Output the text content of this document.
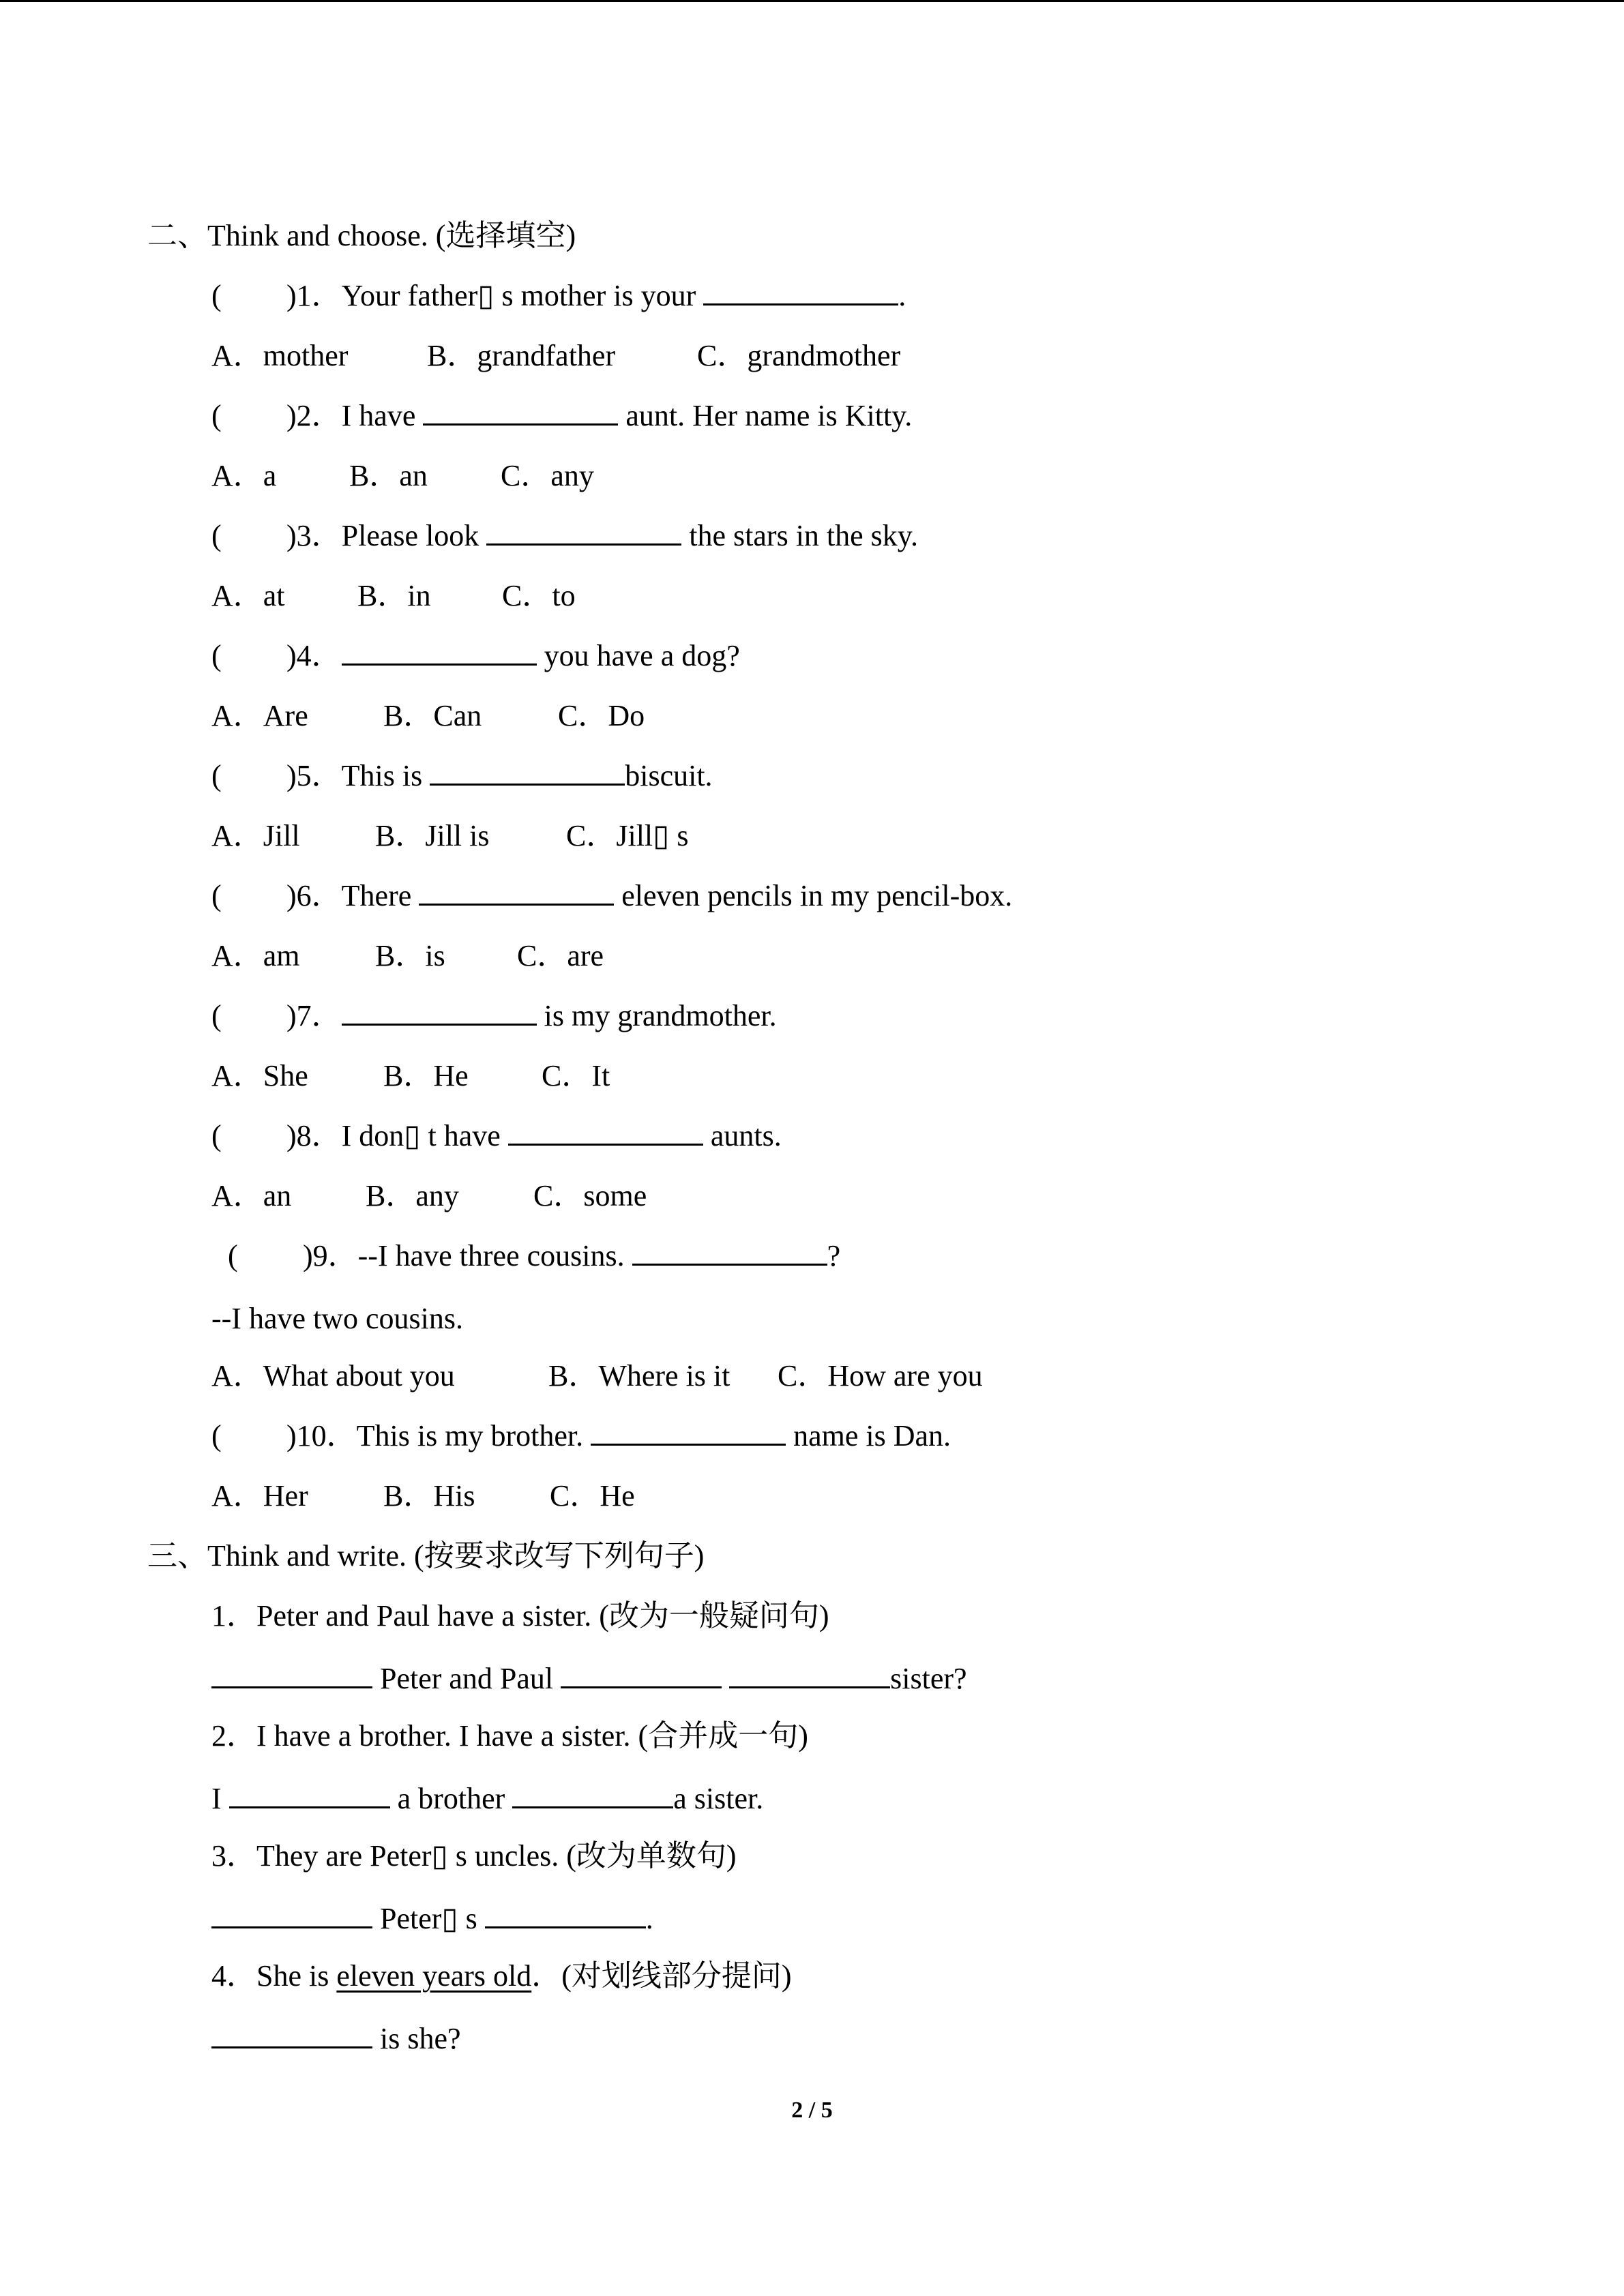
二、Think and choose. (选择填空)
( )1．Your father▯ s mother is your	.
A．mother	B．grandfather	C．grandmother
( )2．I have	aunt. Her name is Kitty.
A．a B．an C．any
( )3．Please look	the stars in the sky.
A．at B．in C．to
( )4．	you have a dog?
A．Are	B．Can	C．Do
( )5．This is	biscuit.
A．Jill	B．Jill is	C．Jill▯ s
( )6．There	eleven pencils in my pencil-box.
A．am	B．is C．are
( )7．	is my grandmother.
A．She	B．He C．It
( )8．I don▯ t have	aunts.
A．an B．any C．some
( )9．--I have three cousins.	?
--I have two cousins.
A．What about you	B．Where is it C．How are you
( )10．This is my brother.	name is Dan.
A．Her	B．His C．He
三、Think and write. (按要求改写下列句子)
1．Peter and Paul have a sister. (改为一般疑问句)
Peter and Paul	sister?
2．I have a brother. I have a sister. (合并成一句)
I	a brother	a sister.
3．They are Peter▯ s uncles. (改为单数句)
Peter▯ s	.
4．She is eleven years old．(对划线部分提问)
is she?
2 / 5
